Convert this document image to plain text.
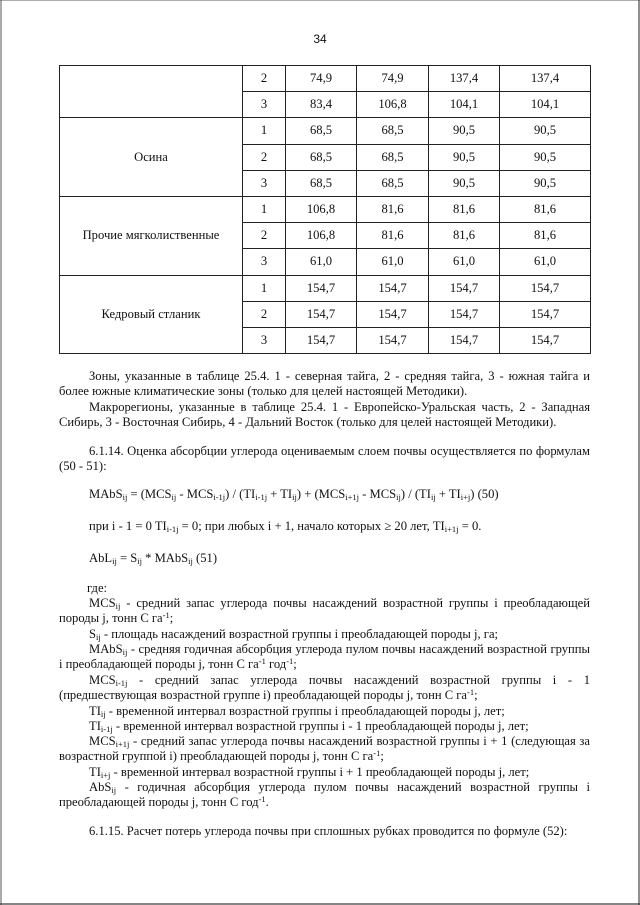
34
	2	74,9	74,9	137,4	137,4
	3	83,4	106,8	104,1	104,1
Осина	1	68,5	68,5	90,5	90,5
	2	68,5	68,5	90,5	90,5
	3	68,5	68,5	90,5	90,5
Прочие мягколиственные	1	106,8	81,6	81,6	81,6
	2	106,8	81,6	81,6	81,6
	3	61,0	61,0	61,0	61,0
Кедровый стланик	1	154,7	154,7	154,7	154,7
	2	154,7	154,7	154,7	154,7
	3	154,7	154,7	154,7	154,7
Зоны, указанные в таблице 25.4. 1 - северная тайга, 2 - средняя тайга, 3 - южная тайга и более южные климатические зоны (только для целей настоящей Методики).
Макрорегионы, указанные в таблице 25.4. 1 - Европейско-Уральская часть, 2 - Западная Сибирь, 3 - Восточная Сибирь, 4 - Дальний Восток (только для целей настоящей Методики).
6.1.14. Оценка абсорбции углерода оцениваемым слоем почвы осуществляется по формулам (50 - 51):
MAbS$_{ij}$ = $(MCS_{ij} - MCS_{i-1j}) / (TI_{i-1j} + TI_{ij}) + (MCS_{i+1j} - MCS_{ij}) / (TI_{ij} + TI_{i+j})$ (50)
при i - 1 = 0 $TI_{i-1j} = 0$; при любых i + 1, начало которых ≥ 20 лет, $TI_{i+1j} = 0$.
$AbL_{ij} = S_{ij}$ * MAbS$_{ij}$ (51)
где:
$MCS_{ij}$ - средний запас углерода почвы насаждений возрастной группы i преобладающей породы j, тонн С $га^{-1}$;
$S_{ij}$ - площадь насаждений возрастной группы i преобладающей породы j, га;
MAbS$_{ij}$ - средняя годичная абсорбция углерода пулом почвы насаждений возрастной группы i преобладающей породы j, тонн С $га^{-1}$ год$^{-1}$;
$MCS_{i-1j}$ - средний запас углерода почвы насаждений возрастной группы i - 1 (предшествующая возрастной группе i) преобладающей породы j, тонн С $га^{-1}$;
$TI_{ij}$ - временной интервал возрастной группы i преобладающей породы j, лет;
$TI_{i-1j}$ - временной интервал возрастной группы i - 1 преобладающей породы j, лет;
$MCS_{i+1j}$ - средний запас углерода почвы насаждений возрастной группы i + 1 (следующая за возрастной группой i) преобладающей породы j, тонн С $га^{-1}$;
$TI_{i+j}$ - временной интервал возрастной группы i + 1 преобладающей породы j, лет;
AbS$_{ij}$ - годичная абсорбция углерода пулом почвы насаждений возрастной группы i преобладающей породы j, тонн С год$^{-1}$.
6.1.15. Расчет потерь углерода почвы при сплошных рубках проводится по формуле (52):
